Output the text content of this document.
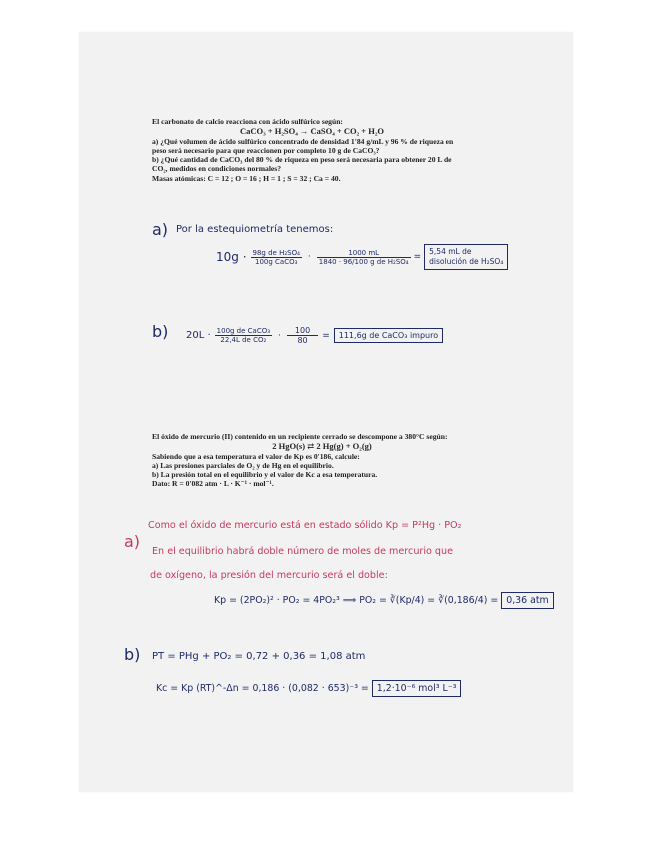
El carbonato de calcio reacciona con ácido sulfúrico según:

CaCO₃ + H₂SO₄ → CaSO₄ + CO₂ + H₂O

a) ¿Qué volumen de ácido sulfúrico concentrado de densidad 1'84 g/mL y 96 % de riqueza en

peso será necesario para que reaccionen por completo 10 g de CaCO₃?

b) ¿Qué cantidad de CaCO₃ del 80 % de riqueza en peso será necesaria para obtener 20 L de

CO₂, medidos en condiciones normales?

Masas atómicas: C = 12 ; O = 16 ; H = 1 ; S = 32 ; Ca = 40.

a) Por la estequiometría tenemos:
$10g \cdot \frac{\text{98g de H₂SO₄}}{\text{100g CaCO₃}} \cdot \frac{1000 mL}{\text{1840 · 96/100 g de H₂SO₄}}$ =
5,54 mL de
disolución de H₂SO₄
b) $20L \cdot \frac{\text{100g de CaCO₃}}{\text{22,4L de CO₂}} \cdot \frac{100}{80}$ =	111,6g de CaCO₃ impuro

El óxido de mercurio (II) contenido en un recipiente cerrado se descompone a 380°C según:

2 HgO(s) ⇄ 2 Hg(g) + O₂(g)

Sabiendo que a esa temperatura el valor de Kp es 0'186, calcule:

a) Las presiones parciales de O₂ y de Hg en el equilibrio.

b) La presión total en el equilibrio y el valor de Kc a esa temperatura.

Dato: R = 0'082 atm · L · K⁻¹ · mol⁻¹.

a)
Como el óxido de mercurio está en estado sólido Kp = P²Hg · PO₂
En el equilibrio habrá doble número de moles de mercurio que
de oxígeno, la presión del mercurio será el doble:
Kp = (2PO₂)² · PO₂ = 4PO₂³ ⟹ PO₂ = ∛(Kp/4) = ∛(0,186/4) = 0,36 atm
b) PT = PHg + PO₂ = 0,72 + 0,36 = 1,08 atm
Kc = Kp (RT)^-Δn = 0,186 · (0,082 · 653)⁻³ = 1,2·10⁻⁶ mol³ L⁻³
